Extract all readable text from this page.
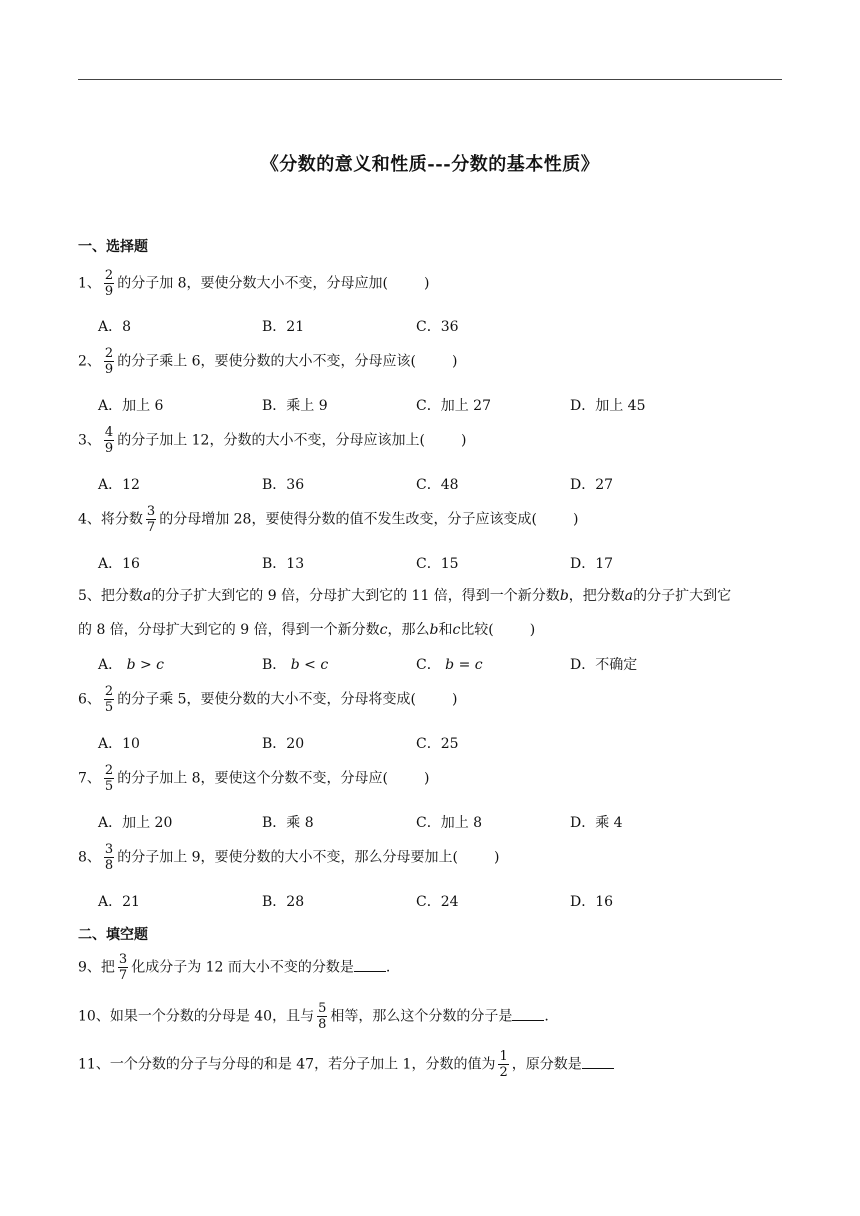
《分数的意义和性质---分数的基本性质》
一、选择题
1、 $\frac{2}{9}$ 的分子加 8，要使分数大小不变，分母应加(	)
A．8	B．21	C．36
2、 $\frac{2}{9}$ 的分子乘上 6，要使分数的大小不变，分母应该(	)
A．加上 6	B．乘上 9	C．加上 27	D．加上 45
3、 $\frac{4}{9}$ 的分子加上 12，分数的大小不变，分母应该加上(	)
A．12	B．36	C．48	D．27
4、将分数 $\frac{3}{7}$ 的分母增加 28，要使得分数的值不发生改变，分子应该变成(	)
A．16	B．13	C．15	D．17
5、把分数a的分子扩大到它的 9 倍，分母扩大到它的 11 倍，得到一个新分数b，把分数a的分子扩大到它
的 8 倍，分母扩大到它的 9 倍，得到一个新分数c，那么b和c比较(	)
A． b > c	B． b < c	C． b = c	D．不确定
6、 $\frac{2}{5}$ 的分子乘 5，要使分数的大小不变，分母将变成(	)
A．10	B．20	C．25
7、 $\frac{2}{5}$ 的分子加上 8，要使这个分数不变，分母应(	)
A．加上 20	B．乘 8	C．加上 8	D．乘 4
8、 $\frac{3}{8}$ 的分子加上 9，要使分数的大小不变，那么分母要加上(	)
A．21	B．28	C．24	D．16
二、填空题
9、把 $\frac{3}{7}$ 化成分子为 12 而大小不变的分数是 .
10、如果一个分数的分母是 40，且与 $\frac{5}{8}$ 相等，那么这个分数的分子是 .
11、一个分数的分子与分母的和是 47，若分子加上 1，分数的值为 $\frac{1}{2}$ ，原分数是
